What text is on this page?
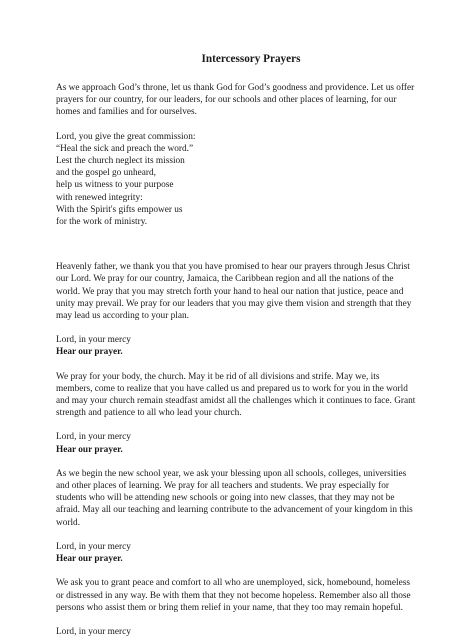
Intercessory Prayers
As we approach God’s throne, let us thank God for God’s goodness and providence. Let us offer
prayers for our country, for our leaders, for our schools and other places of learning, for our
homes and families and for ourselves.
Lord, you give the great commission:
“Heal the sick and preach the word.”
Lest the church neglect its mission
and the gospel go unheard,
help us witness to your purpose
with renewed integrity:
With the Spirit's gifts empower us
for the work of ministry.
Heavenly father, we thank you that you have promised to hear our prayers through Jesus Christ
our Lord. We pray for our country, Jamaica, the Caribbean region and all the nations of the
world. We pray that you may stretch forth your hand to heal our nation that justice, peace and
unity may prevail. We pray for our leaders that you may give them vision and strength that they
may lead us according to your plan.
Lord, in your mercy
Hear our prayer.
We pray for your body, the church. May it be rid of all divisions and strife. May we, its
members, come to realize that you have called us and prepared us to work for you in the world
and may your church remain steadfast amidst all the challenges which it continues to face. Grant
strength and patience to all who lead your church.
Lord, in your mercy
Hear our prayer.
As we begin the new school year, we ask your blessing upon all schools, colleges, universities
and other places of learning. We pray for all teachers and students. We pray especially for
students who will be attending new schools or going into new classes, that they may not be
afraid. May all our teaching and learning contribute to the advancement of your kingdom in this
world.
Lord, in your mercy
Hear our prayer.
We ask you to grant peace and comfort to all who are unemployed, sick, homebound, homeless
or distressed in any way. Be with them that they not become hopeless. Remember also all those
persons who assist them or bring them relief in your name, that they too may remain hopeful.
Lord, in your mercy
